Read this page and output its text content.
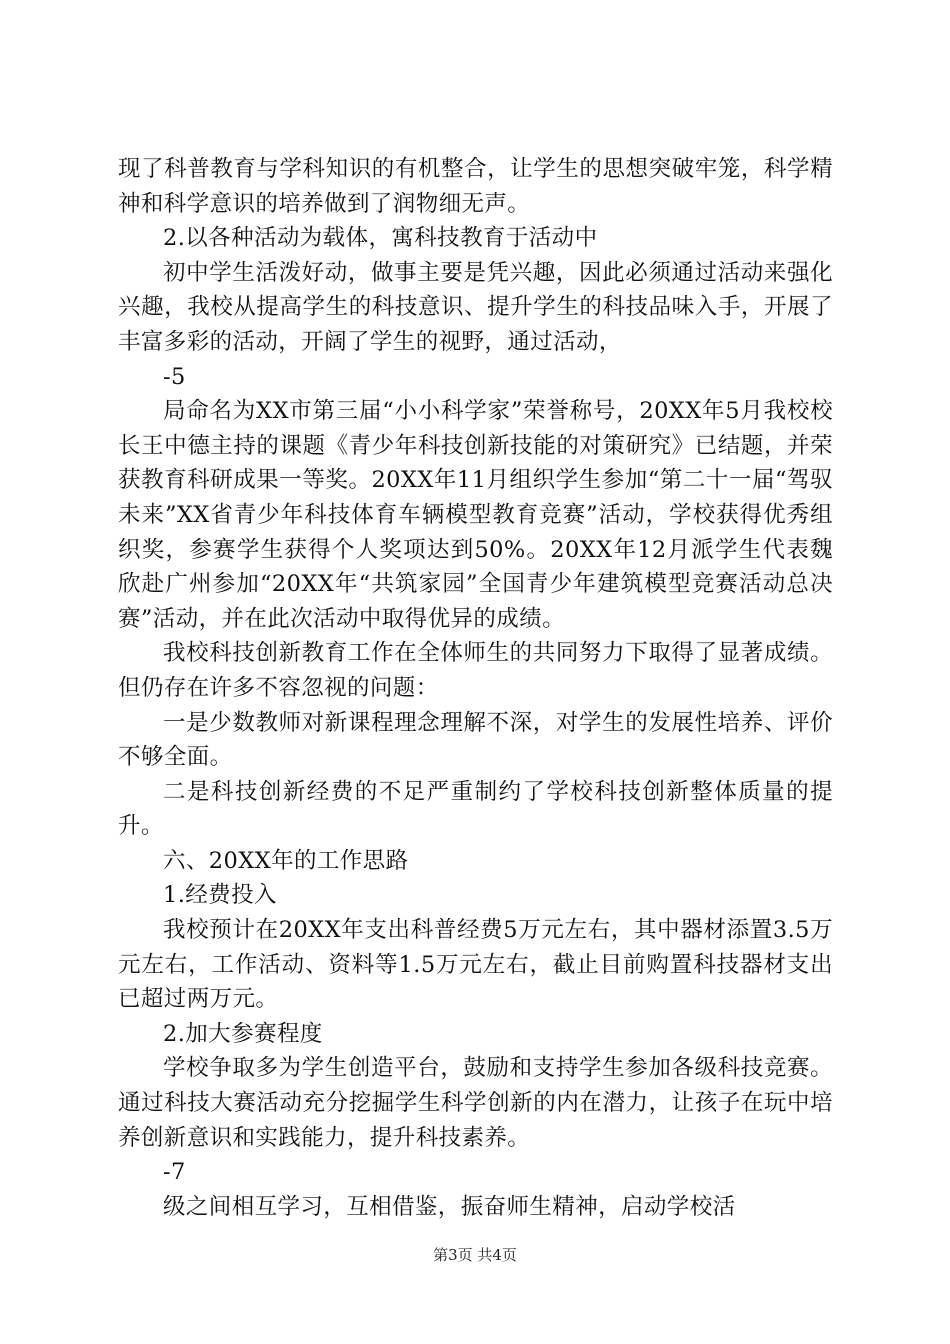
现了科普教育与学科知识的有机整合，让学生的思想突破牢笼，科学精神和科学意识的培养做到了润物细无声。

2.以各种活动为载体，寓科技教育于活动中

初中学生活泼好动，做事主要是凭兴趣，因此必须通过活动来强化兴趣，我校从提高学生的科技意识、提升学生的科技品味入手，开展了丰富多彩的活动，开阔了学生的视野，通过活动，

-5

局命名为XX市第三届“小小科学家”荣誉称号，20XX年5月我校校长王中德主持的课题《青少年科技创新技能的对策研究》已结题，并荣获教育科研成果一等奖。20XX年11月组织学生参加“第二十一届“驾驭未来”XX省青少年科技体育车辆模型教育竞赛”活动，学校获得优秀组织奖，参赛学生获得个人奖项达到50%。20XX年12月派学生代表魏欣赴广州参加“20XX年“共筑家园”全国青少年建筑模型竞赛活动总决赛”活动，并在此次活动中取得优异的成绩。

我校科技创新教育工作在全体师生的共同努力下取得了显著成绩。但仍存在许多不容忽视的问题：

一是少数教师对新课程理念理解不深，对学生的发展性培养、评价不够全面。

二是科技创新经费的不足严重制约了学校科技创新整体质量的提升。

六、20XX年的工作思路

1.经费投入

我校预计在20XX年支出科普经费5万元左右，其中器材添置3.5万元左右，工作活动、资料等1.5万元左右，截止目前购置科技器材支出已超过两万元。

2.加大参赛程度

学校争取多为学生创造平台，鼓励和支持学生参加各级科技竞赛。通过科技大赛活动充分挖掘学生科学创新的内在潜力，让孩子在玩中培养创新意识和实践能力，提升科技素养。

-7

级之间相互学习，互相借鉴，振奋师生精神，启动学校活

第3页 共4页
